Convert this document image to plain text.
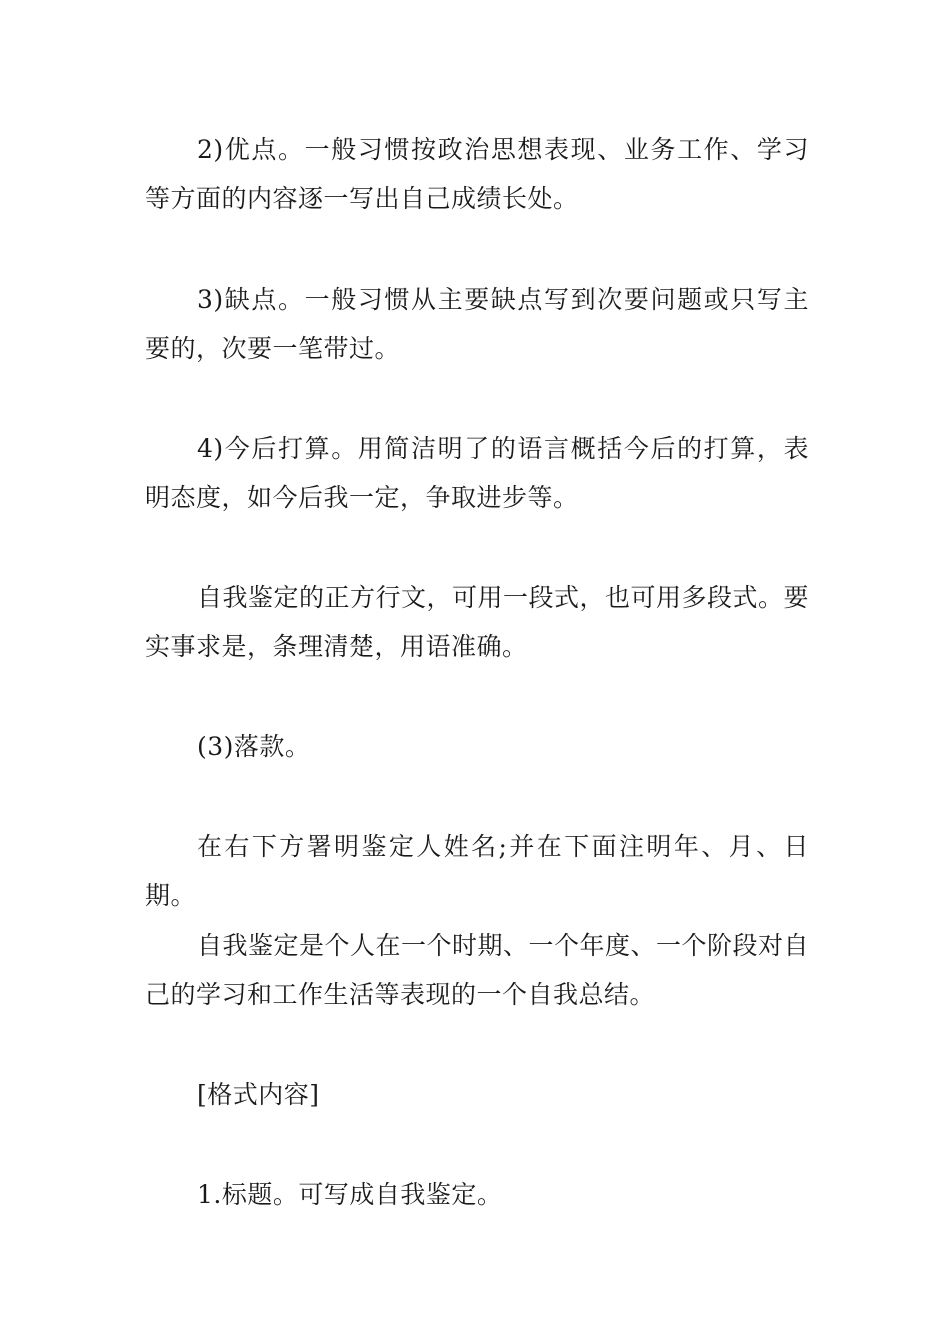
2)优点。一般习惯按政治思想表现、业务工作、学习等方面的内容逐一写出自己成绩长处。

3)缺点。一般习惯从主要缺点写到次要问题或只写主要的，次要一笔带过。

4)今后打算。用简洁明了的语言概括今后的打算，表明态度，如今后我一定，争取进步等。

自我鉴定的正方行文，可用一段式，也可用多段式。要实事求是，条理清楚，用语准确。

(3)落款。

在右下方署明鉴定人姓名;并在下面注明年、月、日期。

自我鉴定是个人在一个时期、一个年度、一个阶段对自己的学习和工作生活等表现的一个自我总结。

[格式内容]

1.标题。可写成自我鉴定。
